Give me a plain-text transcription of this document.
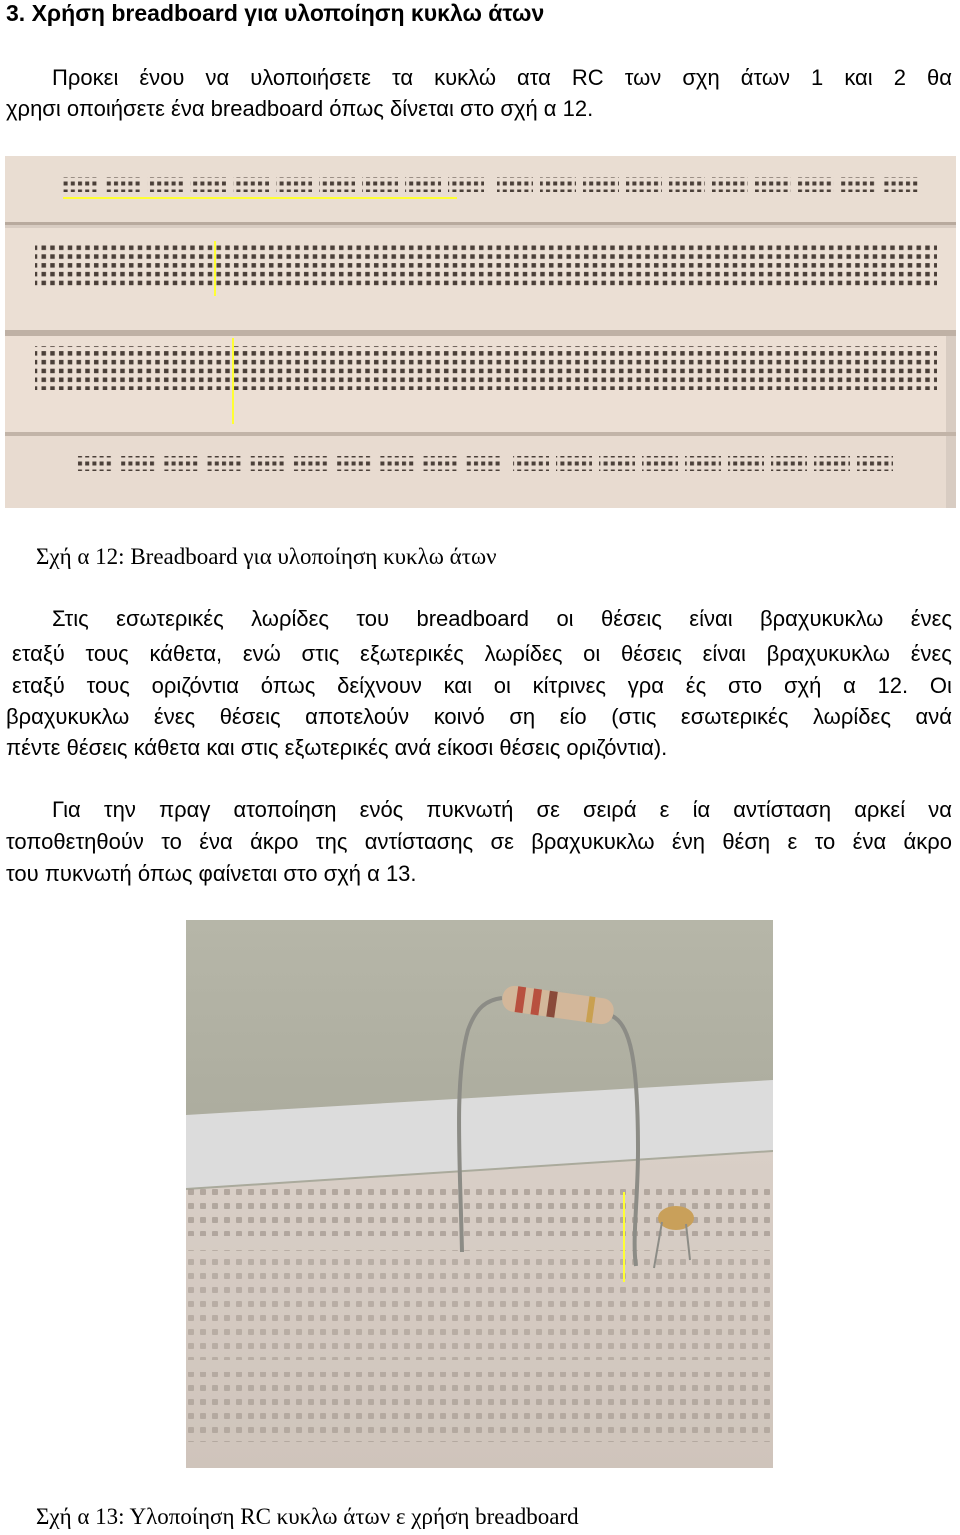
3. Χρήση breadboard για υλοποίηση κυκλω άτων
Προκει ένου να υλοποιήσετε τα κυκλώ ατα RC των σχη άτων 1 και 2 θα
χρησι οποιήσετε ένα breadboard όπως δίνεται στο σχή α 12.
Σχή α 12: Breadboard για υλοποίηση κυκλω άτων
Στις εσωτερικές λωρίδες του breadboard οι θέσεις είναι βραχυκυκλω ένες
εταξύ τους κάθετα, ενώ στις εξωτερικές λωρίδες οι θέσεις είναι βραχυκυκλω ένες
εταξύ τους οριζόντια όπως δείχνουν και οι κίτρινες γρα ές στο σχή α 12. Οι
βραχυκυκλω ένες θέσεις αποτελούν κοινό ση είο (στις εσωτερικές λωρίδες ανά
πέντε θέσεις κάθετα και στις εξωτερικές ανά είκοσι θέσεις οριζόντια).
Για την πραγ ατοποίηση ενός πυκνωτή σε σειρά ε ία αντίσταση αρκεί να
τοποθετηθούν το ένα άκρο της αντίστασης σε βραχυκυκλω ένη θέση ε το ένα άκρο
του πυκνωτή όπως φαίνεται στο σχή α 13.
Σχή α 13: Υλοποίηση RC κυκλω άτων ε χρήση breadboard
